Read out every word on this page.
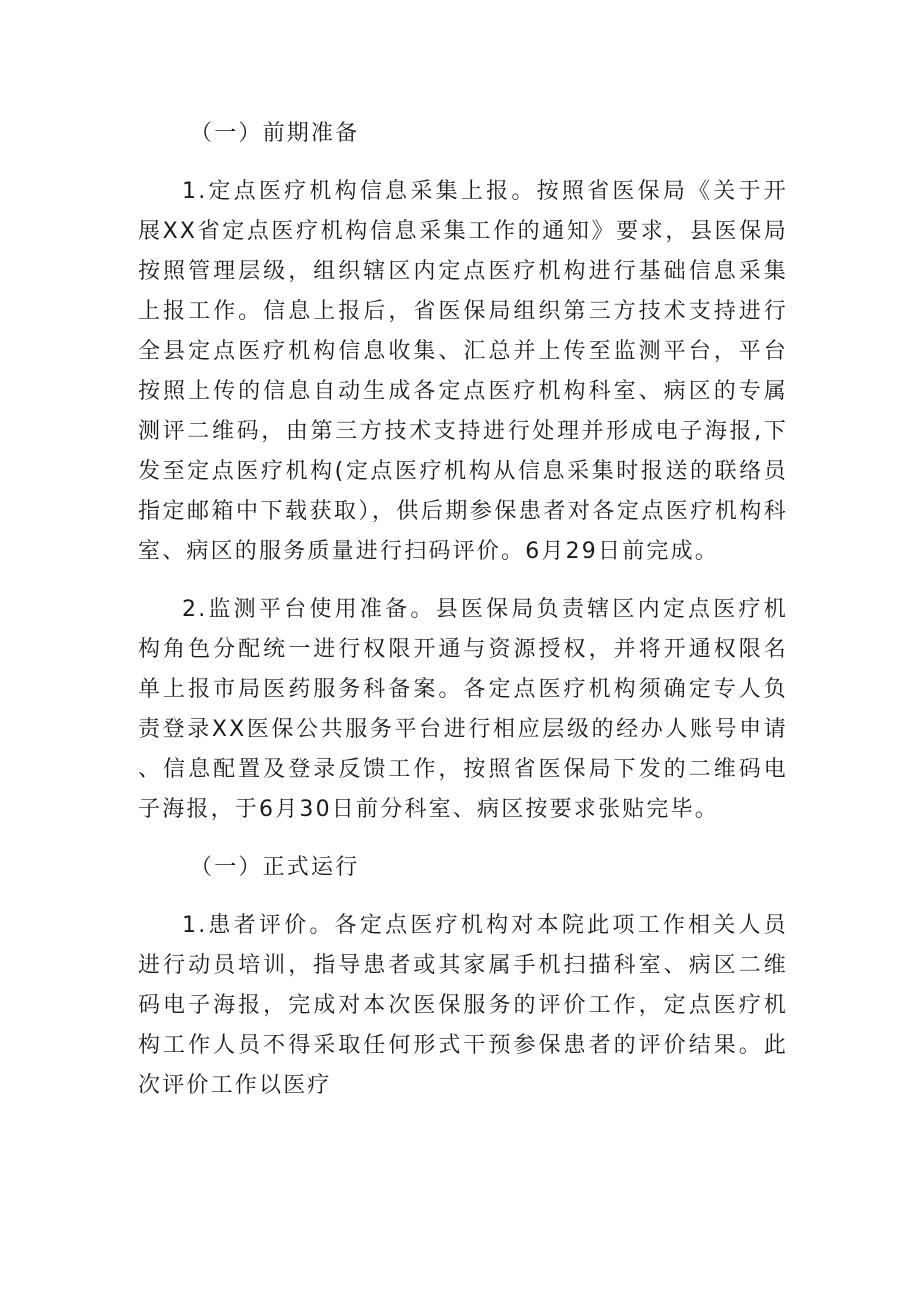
（一）前期准备

1.定点医疗机构信息采集上报。按照省医保局《关于开展XX省定点医疗机构信息采集工作的通知》要求，县医保局按照管理层级，组织辖区内定点医疗机构进行基础信息采集上报工作。信息上报后，省医保局组织第三方技术支持进行全县定点医疗机构信息收集、汇总并上传至监测平台，平台按照上传的信息自动生成各定点医疗机构科室、病区的专属测评二维码，由第三方技术支持进行处理并形成电子海报,下发至定点医疗机构(定点医疗机构从信息采集时报送的联络员指定邮箱中下载获取），供后期参保患者对各定点医疗机构科室、病区的服务质量进行扫码评价。6月29日前完成。

2.监测平台使用准备。县医保局负责辖区内定点医疗机构角色分配统一进行权限开通与资源授权，并将开通权限名单上报市局医药服务科备案。各定点医疗机构须确定专人负责登录XX医保公共服务平台进行相应层级的经办人账号申请、信息配置及登录反馈工作，按照省医保局下发的二维码电子海报，于6月30日前分科室、病区按要求张贴完毕。

（一）正式运行

1.患者评价。各定点医疗机构对本院此项工作相关人员进行动员培训，指导患者或其家属手机扫描科室、病区二维码电子海报，完成对本次医保服务的评价工作，定点医疗机构工作人员不得采取任何形式干预参保患者的评价结果。此次评价工作以医疗
